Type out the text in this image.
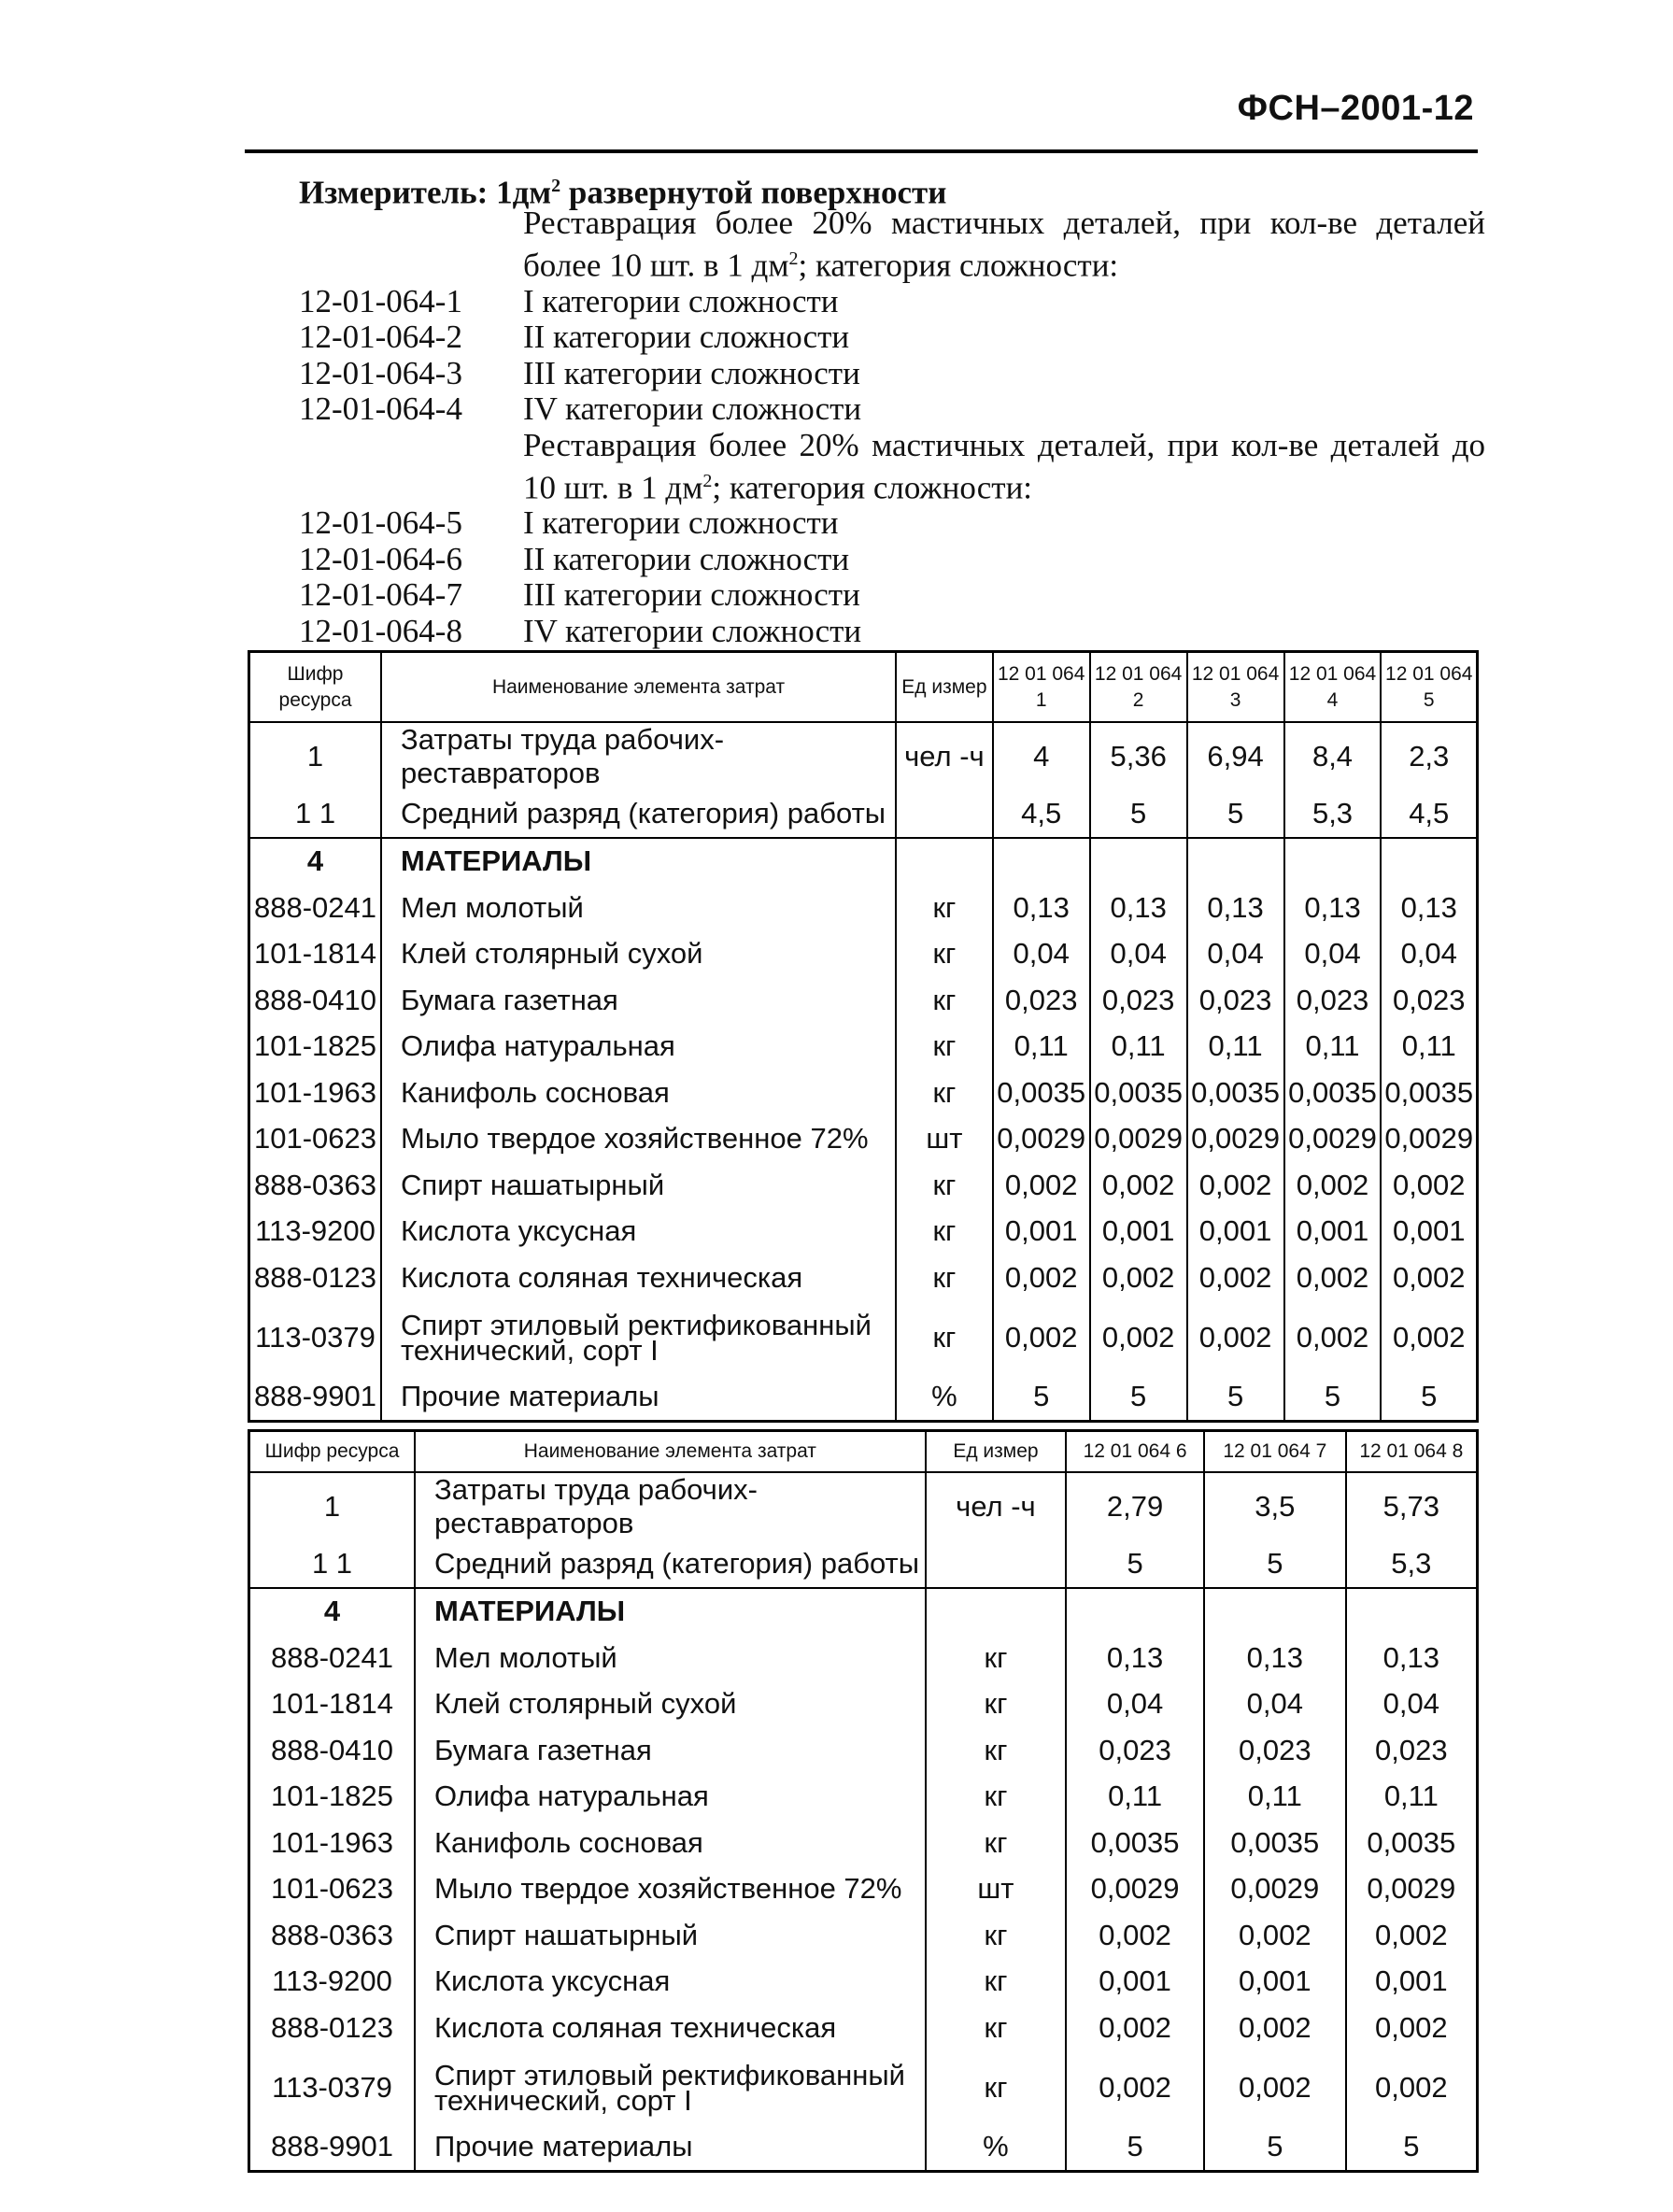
ФСН–2001-12
Измеритель: $1дм^2$ развернутой поверхности
Реставрация более 20% мастичных деталей, при кол-ве деталей более 10 шт. в 1 $дм^2$; категория сложности:
12-01-064-1	I категории сложности
12-01-064-2	II категории сложности
12-01-064-3	III категории сложности
12-01-064-4	IV категории сложности
Реставрация более 20% мастичных деталей, при кол-ве деталей до 10 шт. в 1 $дм^2$; категория сложности:
12-01-064-5	I категории сложности
12-01-064-6	II категории сложности
12-01-064-7	III категории сложности
12-01-064-8	IV категории сложности
Шифр ресурса	Наименование элемента затрат	Ед измер	12 01 064 1	12 01 064 2	12 01 064 3	12 01 064 4	12 01 064 5
1	Затраты труда рабочих-реставраторов	чел -ч	4	5,36	6,94	8,4	2,3
1 1	Средний разряд (категория) работы		4,5	5	5	5,3	4,5
4	МАТЕРИАЛЫ						
888-0241	Мел молотый	кг	0,13	0,13	0,13	0,13	0,13
101-1814	Клей столярный сухой	кг	0,04	0,04	0,04	0,04	0,04
888-0410	Бумага газетная	кг	0,023	0,023	0,023	0,023	0,023
101-1825	Олифа натуральная	кг	0,11	0,11	0,11	0,11	0,11
101-1963	Канифоль сосновая	кг	0,0035	0,0035	0,0035	0,0035	0,0035
101-0623	Мыло твердое хозяйственное 72%	шт	0,0029	0,0029	0,0029	0,0029	0,0029
888-0363	Спирт нашатырный	кг	0,002	0,002	0,002	0,002	0,002
113-9200	Кислота уксусная	кг	0,001	0,001	0,001	0,001	0,001
888-0123	Кислота соляная техническая	кг	0,002	0,002	0,002	0,002	0,002
113-0379	Спирт этиловый ректификованный технический, сорт I	кг	0,002	0,002	0,002	0,002	0,002
888-9901	Прочие материалы	%	5	5	5	5	5
Шифр ресурса	Наименование элемента затрат	Ед измер	12 01 064 6	12 01 064 7	12 01 064 8
1	Затраты труда рабочих-реставраторов	чел -ч	2,79	3,5	5,73
1 1	Средний разряд (категория) работы		5	5	5,3
4	МАТЕРИАЛЫ				
888-0241	Мел молотый	кг	0,13	0,13	0,13
101-1814	Клей столярный сухой	кг	0,04	0,04	0,04
888-0410	Бумага газетная	кг	0,023	0,023	0,023
101-1825	Олифа натуральная	кг	0,11	0,11	0,11
101-1963	Канифоль сосновая	кг	0,0035	0,0035	0,0035
101-0623	Мыло твердое хозяйственное 72%	шт	0,0029	0,0029	0,0029
888-0363	Спирт нашатырный	кг	0,002	0,002	0,002
113-9200	Кислота уксусная	кг	0,001	0,001	0,001
888-0123	Кислота соляная техническая	кг	0,002	0,002	0,002
113-0379	Спирт этиловый ректификованный технический, сорт I	кг	0,002	0,002	0,002
888-9901	Прочие материалы	%	5	5	5
